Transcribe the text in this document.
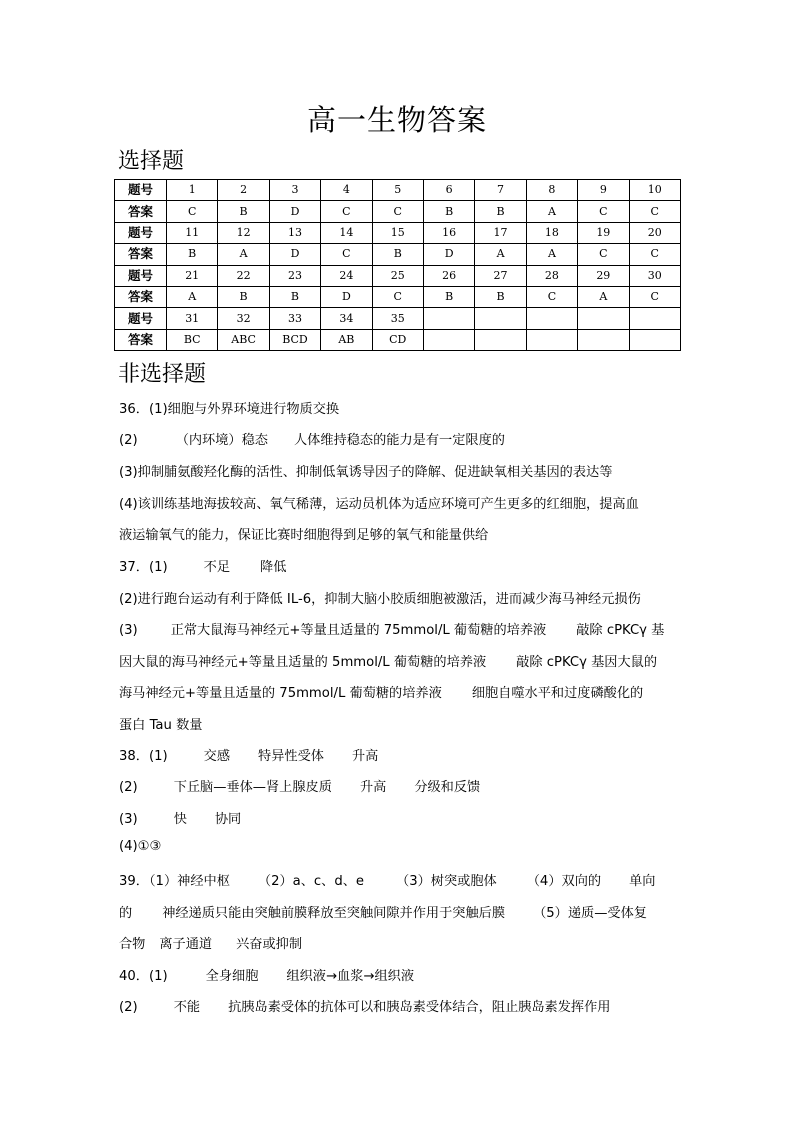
高一生物答案
选择题
题号	1	2	3	4	5	6	7	8	9	10
答案	C	B	D	C	C	B	B	A	C	C
题号	11	12	13	14	15	16	17	18	19	20
答案	B	A	D	C	B	D	A	A	C	C
题号	21	22	23	24	25	26	27	28	29	30
答案	A	B	B	D	C	B	B	C	A	C
题号	31	32	33	34	35					
答案	BC	ABC	BCD	AB	CD					
非选择题
36．(1)细胞与外界环境进行物质交换
(2)	（内环境）稳态 人体维持稳态的能力是有一定限度的
(3)抑制脯氨酸羟化酶的活性、抑制低氧诱导因子的降解、促进缺氧相关基因的表达等
(4)该训练基地海拔较高、氧气稀薄，运动员机体为适应环境可产生更多的红细胞，提高血
液运输氧气的能力，保证比赛时细胞得到足够的氧气和能量供给
37．(1)	不足 降低
(2)进行跑台运动有利于降低 IL-6，抑制大脑小胶质细胞被激活，进而减少海马神经元损伤
(3)	正常大鼠海马神经元+等量且适量的 75mmol/L 葡萄糖的培养液 敲除 cPKCγ 基
因大鼠的海马神经元+等量且适量的 5mmol/L 葡萄糖的培养液 敲除 cPKCγ 基因大鼠的
海马神经元+等量且适量的 75mmol/L 葡萄糖的培养液 细胞自噬水平和过度磷酸化的
蛋白 Tau 数量
38．(1)	交感 特异性受体 升高
(2)	下丘脑—垂体—肾上腺皮质 升高 分级和反馈
(3)	快 协同
(4)①③
39．（1）神经中枢 （2）a、c、d、e （3）树突或胞体 （4）双向的 单向
的 神经递质只能由突触前膜释放至突触间隙并作用于突触后膜 （5）递质—受体复
合物 离子通道 兴奋或抑制
40．(1)	全身细胞 组织液→血浆→组织液
(2)	不能 抗胰岛素受体的抗体可以和胰岛素受体结合，阻止胰岛素发挥作用
